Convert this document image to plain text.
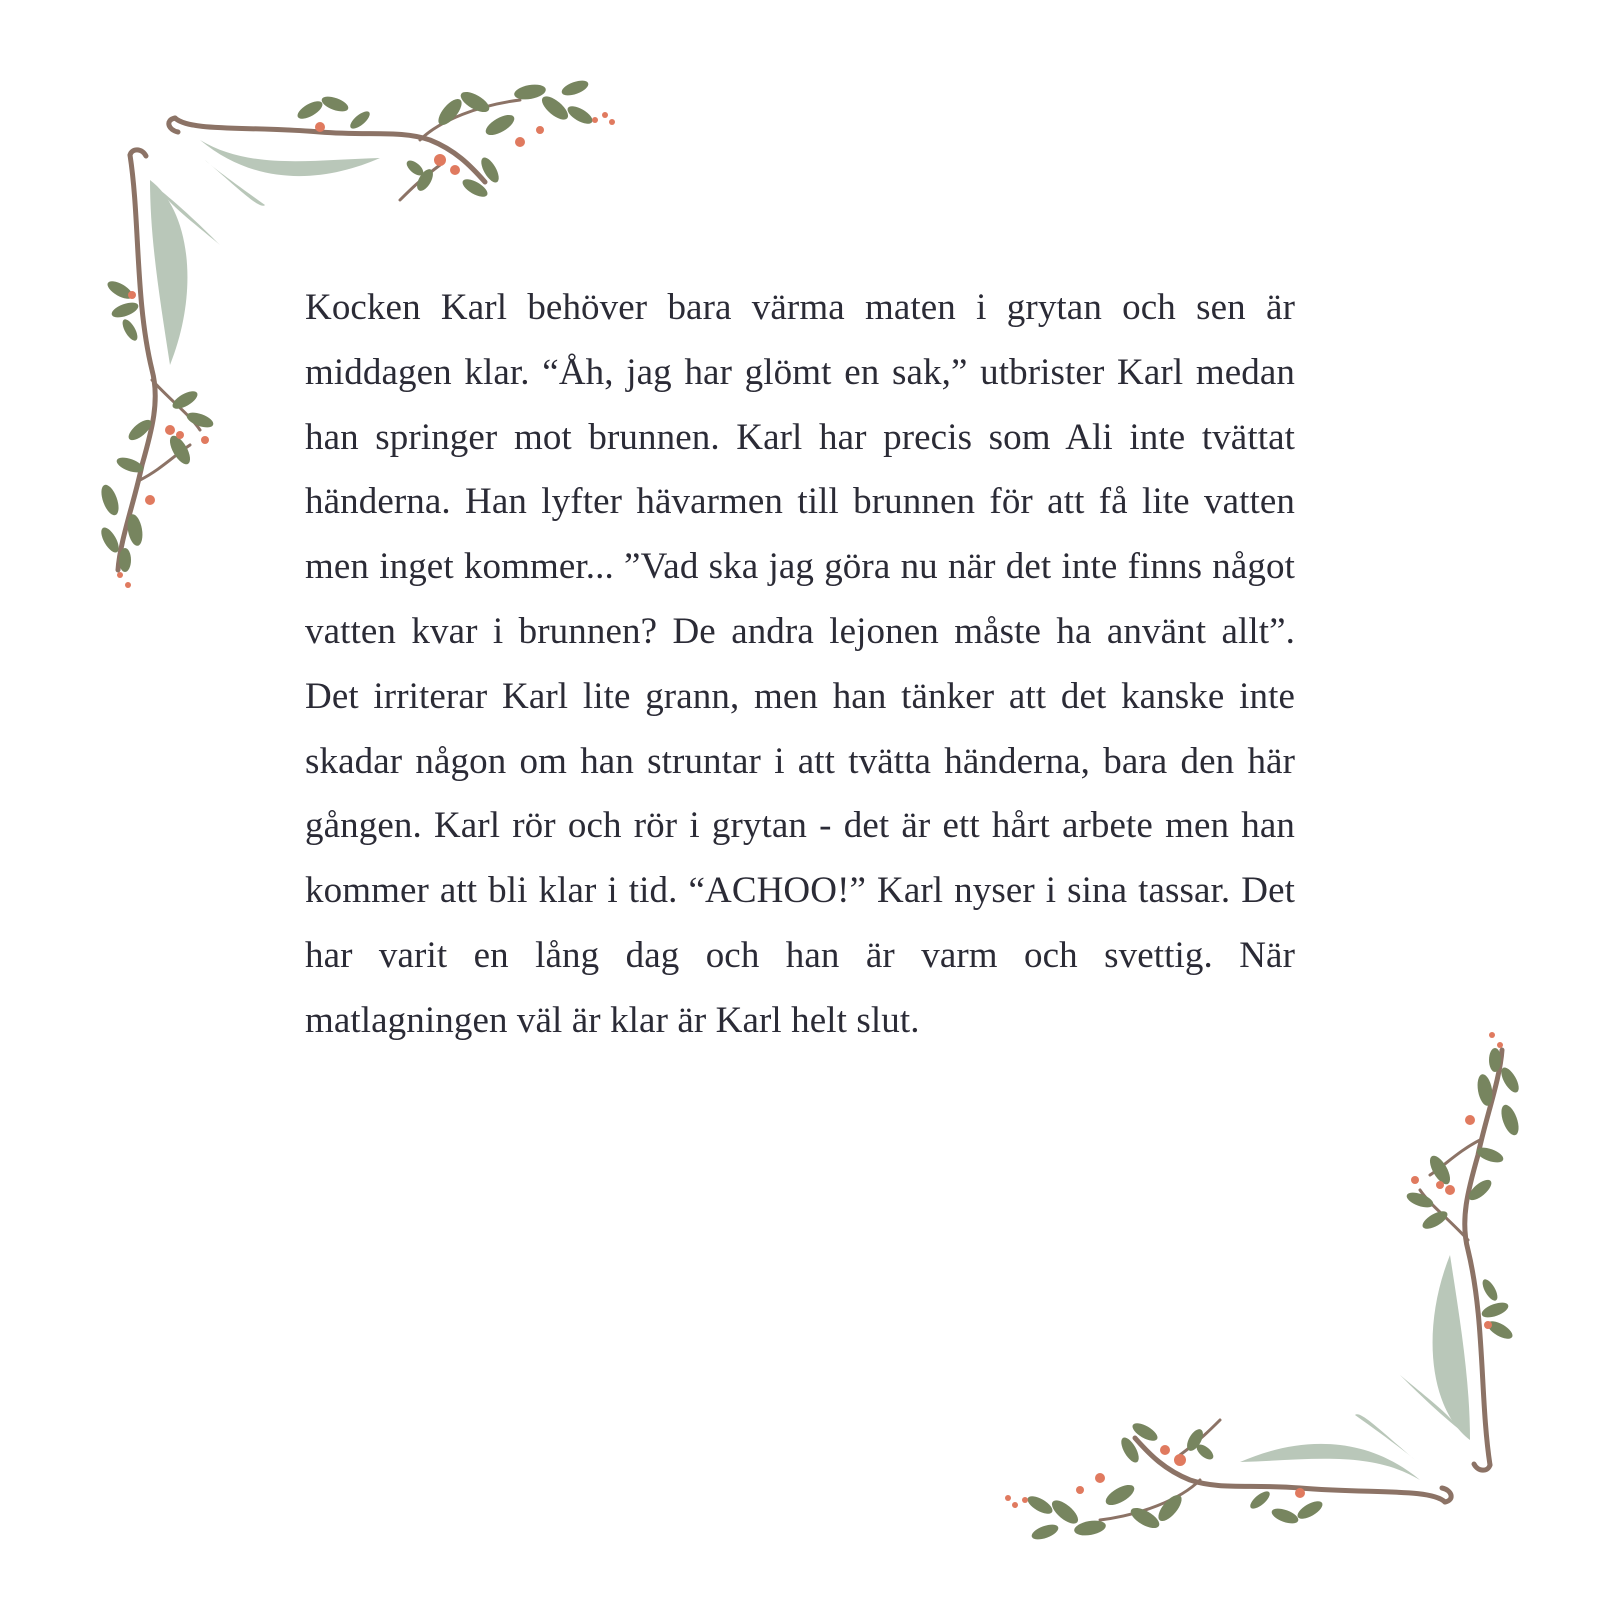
Kocken Karl behöver bara värma maten i grytan och sen är middagen klar. “Åh, jag har glömt en sak,” utbrister Karl medan han springer mot brunnen. Karl har precis som Ali inte tvättat händerna. Han lyfter hävarmen till brunnen för att få lite vatten men inget kommer... ”Vad ska jag göra nu när det inte finns något vatten kvar i brunnen? De andra lejonen måste ha använt allt”. Det irriterar Karl lite grann, men han tänker att det kanske inte skadar någon om han struntar i att tvätta händerna, bara den här gången. Karl rör och rör i grytan - det är ett hårt arbete men han kommer att bli klar i tid. “ACHOO!” Karl nyser i sina tassar. Det har varit en lång dag och han är varm och svettig. När matlagningen väl är klar är Karl helt slut.
